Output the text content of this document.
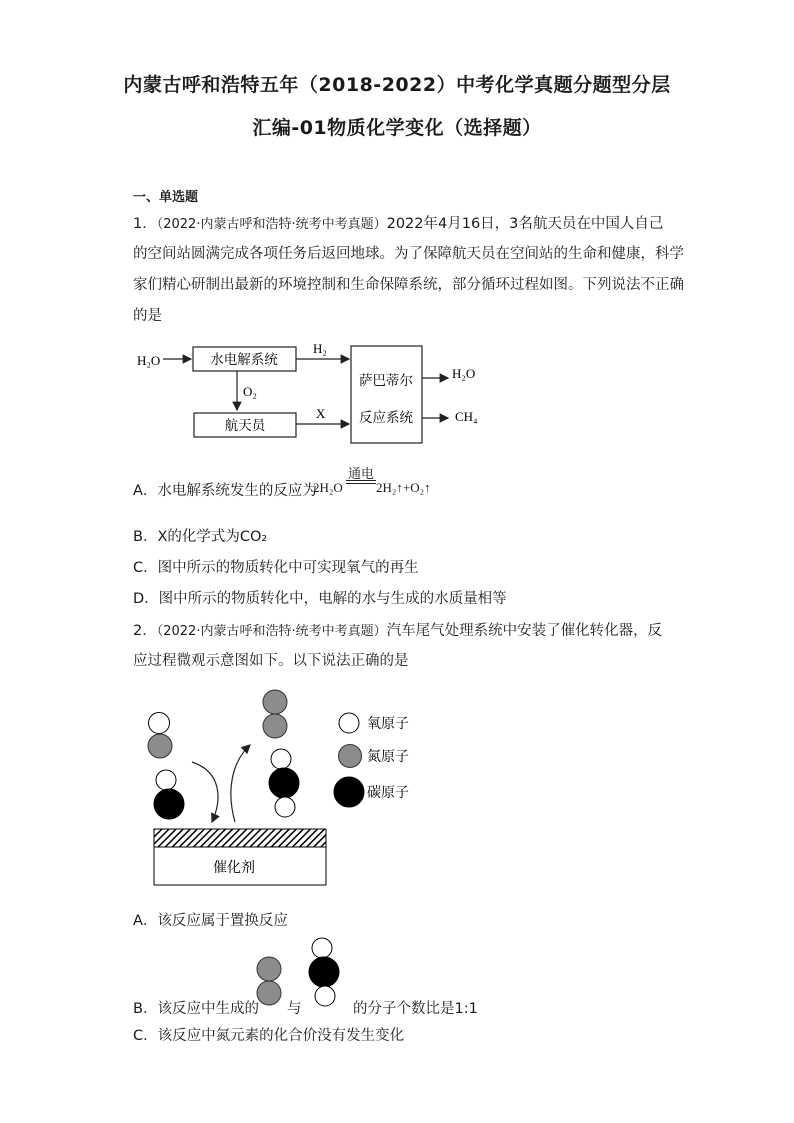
内蒙古呼和浩特五年（2018-2022）中考化学真题分题型分层
汇编-01物质化学变化（选择题）
一、单选题
1．（2022·内蒙古呼和浩特·统考中考真题）2022年4月16日，3名航天员在中国人自己
的空间站圆满完成各项任务后返回地球。为了保障航天员在空间站的生命和健康，科学
家们精心研制出最新的环境控制和生命保障系统，部分循环过程如图。下列说法不正确
的是
H₂O	水电解系统
H₂
O₂
航天员
X
萨巴蒂尔
反应系统
H₂O
CH₄
催化剂
氧原子
氮原子
碳原子
A．水电解系统发生的反应为
2H₂O
通电
2H₂↑+O₂↑
B．X的化学式为CO₂
C．图中所示的物质转化中可实现氧气的再生
D．图中所示的物质转化中，电解的水与生成的水质量相等
2．（2022·内蒙古呼和浩特·统考中考真题）汽车尾气处理系统中安装了催化转化器，反
应过程微观示意图如下。以下说法正确的是
A．该反应属于置换反应
B．该反应中生成的 与	的分子个数比是1:1
C．该反应中氮元素的化合价没有发生变化
